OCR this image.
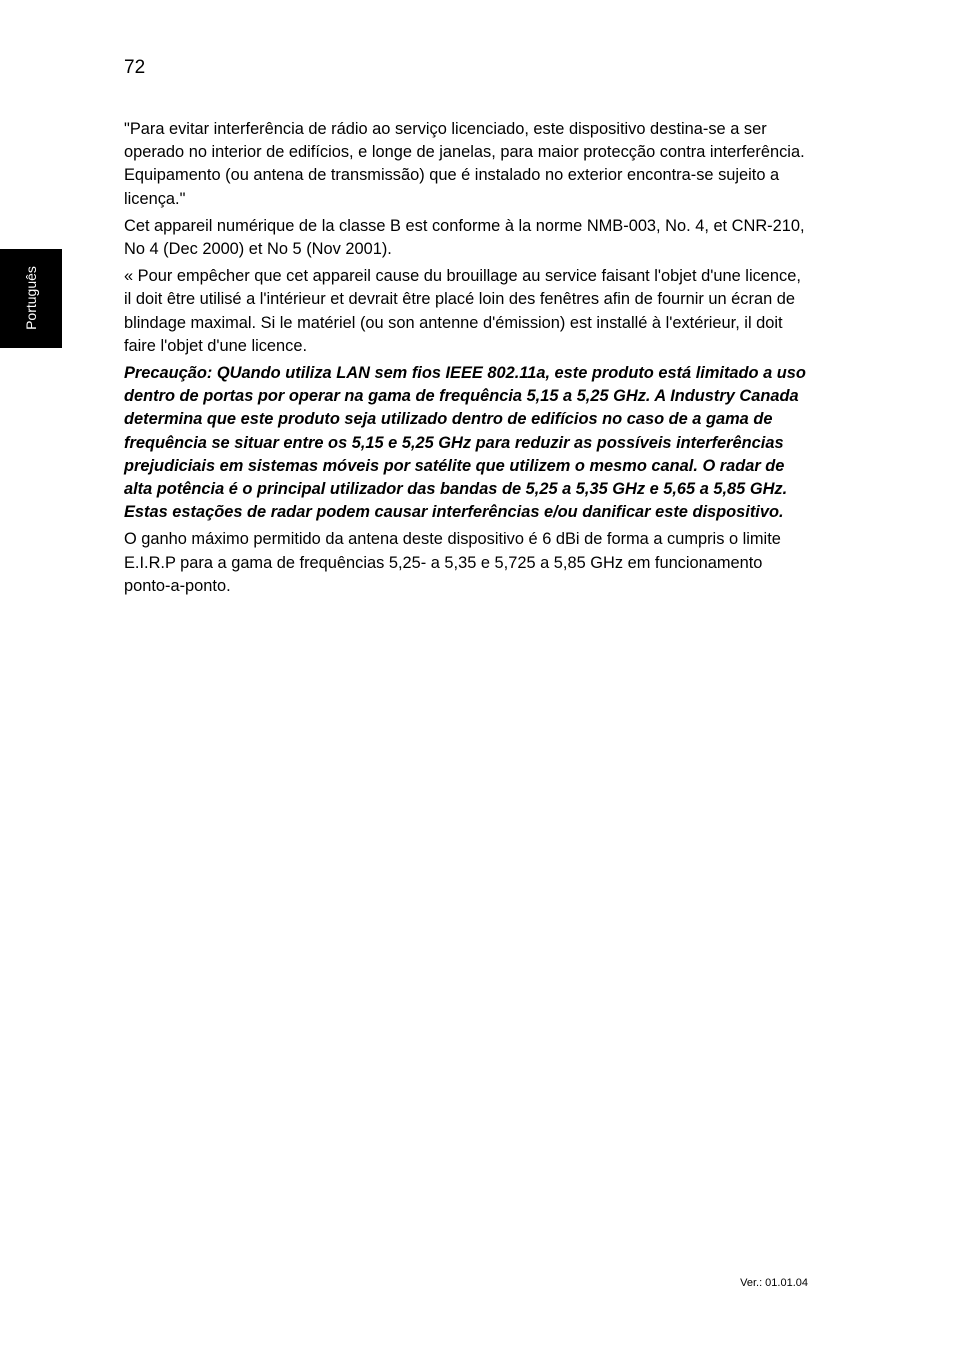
72
Português

"Para evitar interferência de rádio ao serviço licenciado, este dispositivo destina-se a ser operado no interior de edifícios, e longe de janelas, para maior protecção contra interferência. Equipamento (ou antena de transmissão) que é instalado no exterior encontra-se sujeito a licença."

Cet appareil numérique de la classe B est conforme à la norme NMB-003, No. 4, et CNR-210, No 4 (Dec 2000) et No 5 (Nov 2001).

« Pour empêcher que cet appareil cause du brouillage au service faisant l'objet d'une licence, il doit être utilisé a l'intérieur et devrait être placé loin des fenêtres afin de fournir un écran de blindage maximal. Si le matériel (ou son antenne d'émission) est installé à l'extérieur, il doit faire l'objet d'une licence.

Precaução: QUando utiliza LAN sem fios IEEE 802.11a, este produto está limitado a uso dentro de portas por operar na gama de frequência 5,15 a 5,25 GHz. A Industry Canada determina que este produto seja utilizado dentro de edifícios no caso de a gama de frequência se situar entre os 5,15 e 5,25 GHz para reduzir as possíveis interferências prejudiciais em sistemas móveis por satélite que utilizem o mesmo canal. O radar de alta potência é o principal utilizador das bandas de 5,25 a 5,35 GHz e 5,65 a 5,85 GHz. Estas estações de radar podem causar interferências e/ou danificar este dispositivo.

O ganho máximo permitido da antena deste dispositivo é 6 dBi de forma a cumpris o limite E.I.R.P para a gama de frequências 5,25- a 5,35 e 5,725 a 5,85 GHz em funcionamento ponto-a-ponto.

Ver.: 01.01.04
